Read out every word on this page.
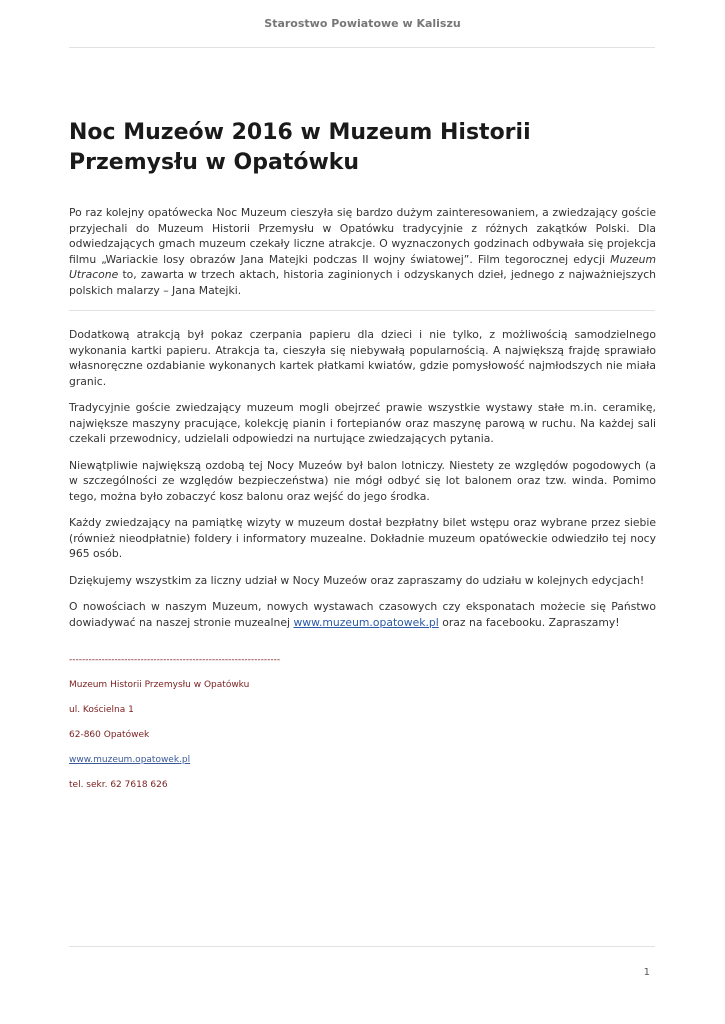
Starostwo Powiatowe w Kaliszu
Noc Muzeów 2016 w Muzeum Historii Przemysłu w Opatówku

Po raz kolejny opatówecka Noc Muzeum cieszyła się bardzo dużym zainteresowaniem, a zwiedzający goście przyjechali do Muzeum Historii Przemysłu w Opatówku tradycyjnie z różnych zakątków Polski. Dla odwiedzających gmach muzeum czekały liczne atrakcje. O wyznaczonych godzinach odbywała się projekcja filmu „Wariackie losy obrazów Jana Matejki podczas II wojny światowej”. Film tegorocznej edycji Muzeum Utracone to, zawarta w trzech aktach, historia zaginionych i odzyskanych dzieł, jednego z najważniejszych polskich malarzy – Jana Matejki.

Dodatkową atrakcją był pokaz czerpania papieru dla dzieci i nie tylko, z możliwością samodzielnego wykonania kartki papieru. Atrakcja ta, cieszyła się niebywałą popularnością. A największą frajdę sprawiało własnoręczne ozdabianie wykonanych kartek płatkami kwiatów, gdzie pomysłowość najmłodszych nie miała granic.

Tradycyjnie goście zwiedzający muzeum mogli obejrzeć prawie wszystkie wystawy stałe m.in. ceramikę, największe maszyny pracujące, kolekcję pianin i fortepianów oraz maszynę parową w ruchu. Na każdej sali czekali przewodnicy, udzielali odpowiedzi na nurtujące zwiedzających pytania.

Niewątpliwie największą ozdobą tej Nocy Muzeów był balon lotniczy. Niestety ze względów pogodowych (a w szczególności ze względów bezpieczeństwa) nie mógł odbyć się lot balonem oraz tzw. winda. Pomimo tego, można było zobaczyć kosz balonu oraz wejść do jego środka.

Każdy zwiedzający na pamiątkę wizyty w muzeum dostał bezpłatny bilet wstępu oraz wybrane przez siebie (również nieodpłatnie) foldery i informatory muzealne. Dokładnie muzeum opatóweckie odwiedziło tej nocy 965 osób.

Dziękujemy wszystkim za liczny udział w Nocy Muzeów oraz zapraszamy do udziału w kolejnych edycjach!

O nowościach w naszym Muzeum, nowych wystawach czasowych czy eksponatach możecie się Państwo dowiadywać na naszej stronie muzealnej www.muzeum.opatowek.pl oraz na facebooku. Zapraszamy!

-----------------------------------------------------------------
Muzeum Historii Przemysłu w Opatówku
ul. Kościelna 1
62-860 Opatówek
www.muzeum.opatowek.pl
tel. sekr. 62 7618 626
1
